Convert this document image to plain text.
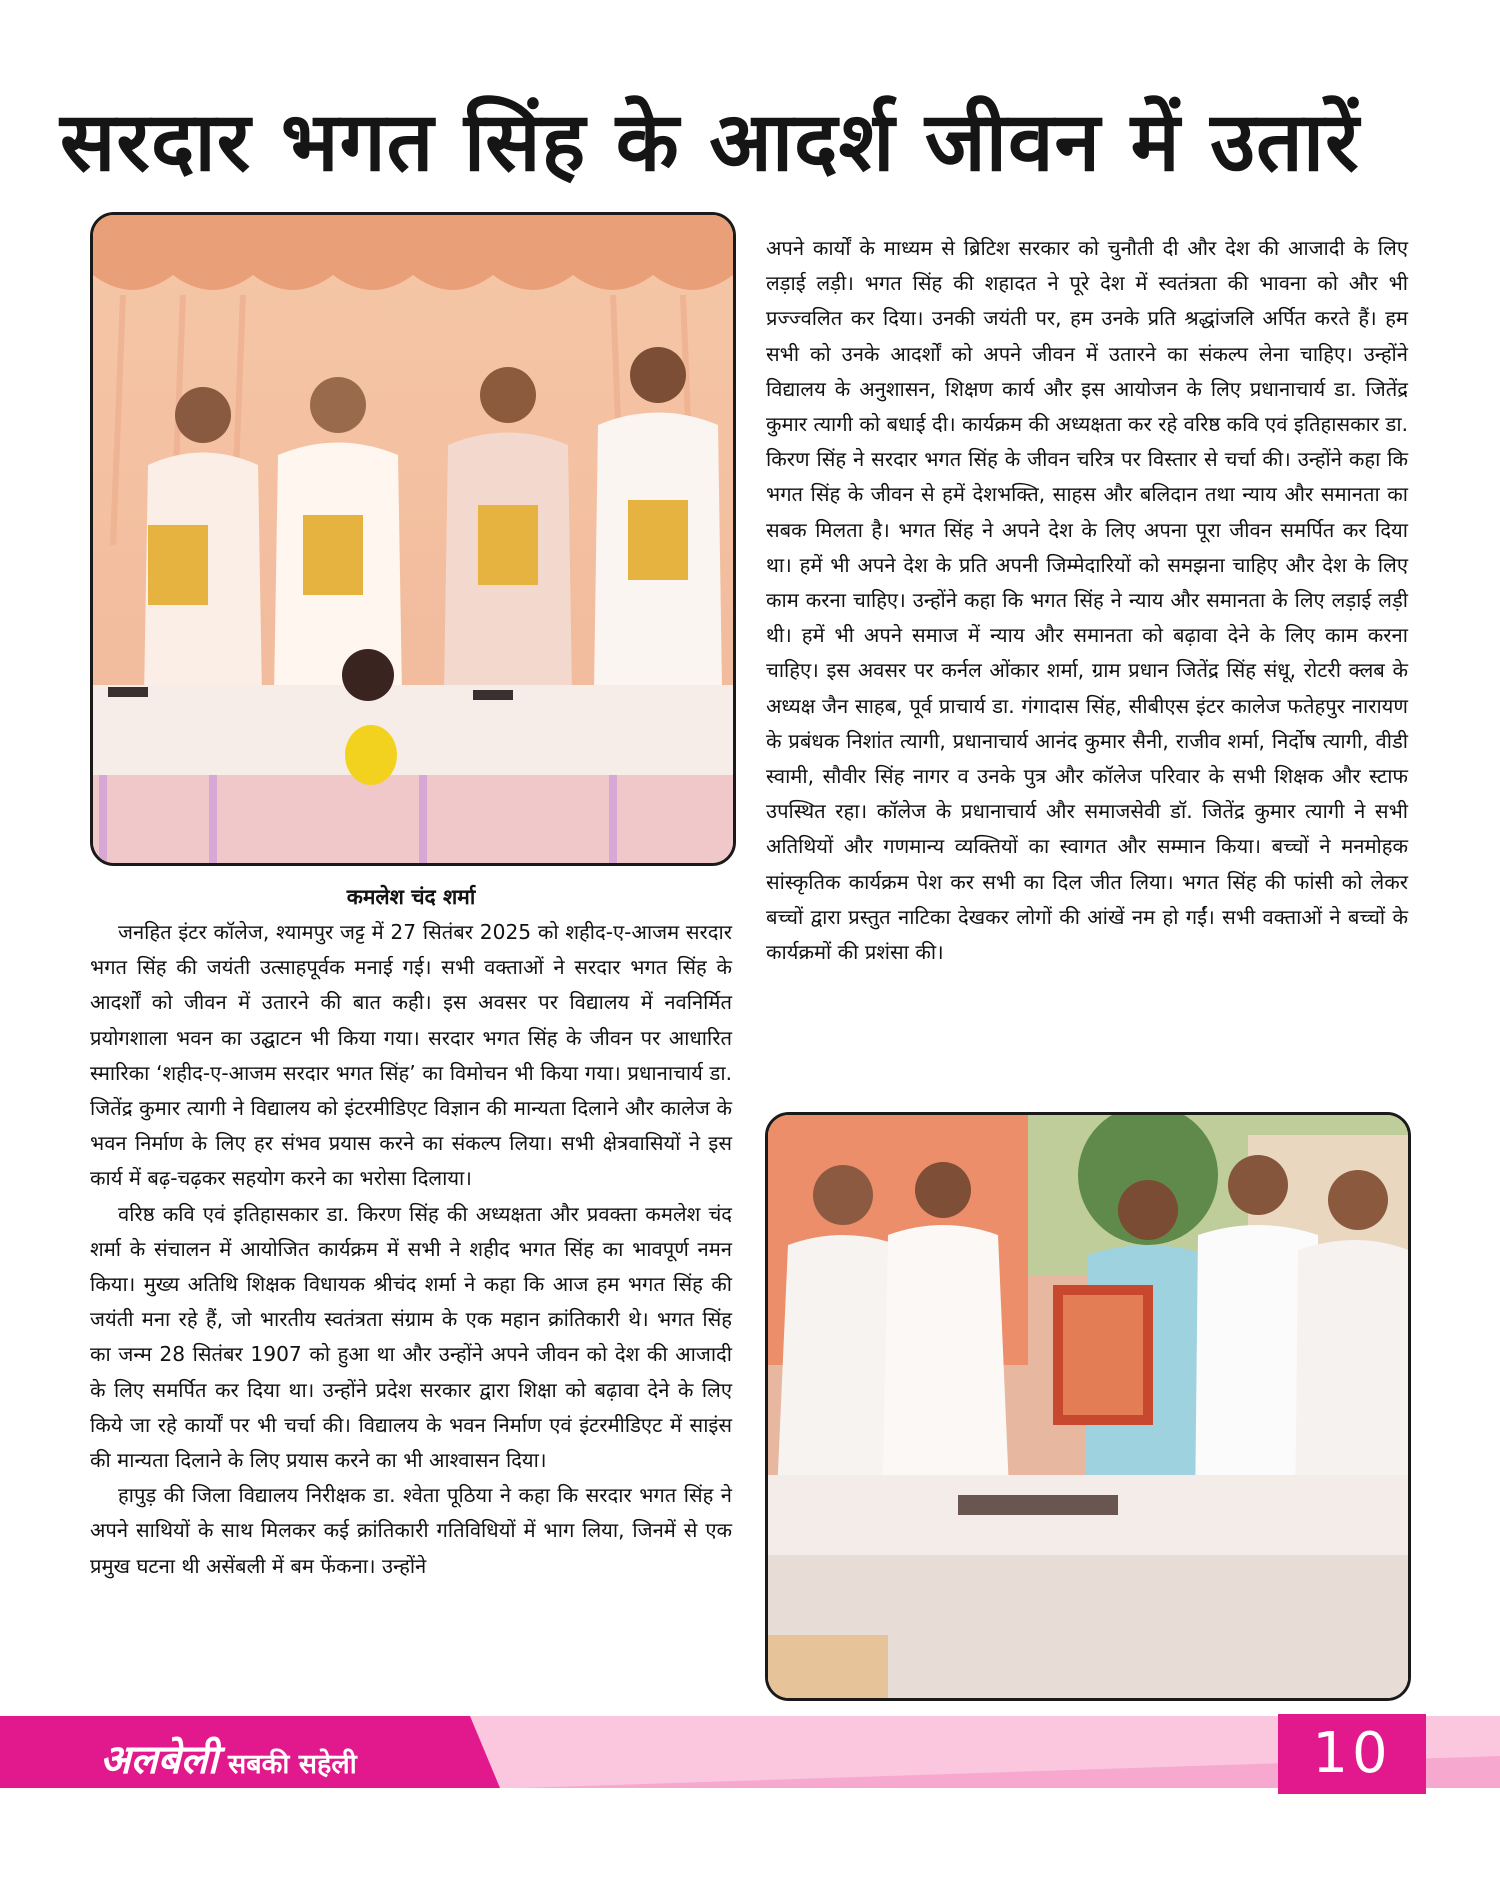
सरदार भगत सिंह के आदर्श जीवन में उतारें
कमलेश चंद शर्मा

जनहित इंटर कॉलेज, श्यामपुर जट्ट में 27 सितंबर 2025 को शहीद-ए-आजम सरदार भगत सिंह की जयंती उत्साहपूर्वक मनाई गई। सभी वक्ताओं ने सरदार भगत सिंह के आदर्शों को जीवन में उतारने की बात कही। इस अवसर पर विद्यालय में नवनिर्मित प्रयोगशाला भवन का उद्घाटन भी किया गया। सरदार भगत सिंह के जीवन पर आधारित स्मारिका ‘शहीद-ए-आजम सरदार भगत सिंह’ का विमोचन भी किया गया। प्रधानाचार्य डा. जितेंद्र कुमार त्यागी ने विद्यालय को इंटरमीडिएट विज्ञान की मान्यता दिलाने और कालेज के भवन निर्माण के लिए हर संभव प्रयास करने का संकल्प लिया। सभी क्षेत्रवासियों ने इस कार्य में बढ़-चढ़कर सहयोग करने का भरोसा दिलाया।

वरिष्ठ कवि एवं इतिहासकार डा. किरण सिंह की अध्यक्षता और प्रवक्ता कमलेश चंद शर्मा के संचालन में आयोजित कार्यक्रम में सभी ने शहीद भगत सिंह का भावपूर्ण नमन किया। मुख्य अतिथि शिक्षक विधायक श्रीचंद शर्मा ने कहा कि आज हम भगत सिंह की जयंती मना रहे हैं, जो भारतीय स्वतंत्रता संग्राम के एक महान क्रांतिकारी थे। भगत सिंह का जन्म 28 सितंबर 1907 को हुआ था और उन्होंने अपने जीवन को देश की आजादी के लिए समर्पित कर दिया था। उन्होंने प्रदेश सरकार द्वारा शिक्षा को बढ़ावा देने के लिए किये जा रहे कार्यों पर भी चर्चा की। विद्यालय के भवन निर्माण एवं इंटरमीडिएट में साइंस की मान्यता दिलाने के लिए प्रयास करने का भी आश्वासन दिया।

हापुड़ की जिला विद्यालय निरीक्षक डा. श्वेता पूठिया ने कहा कि सरदार भगत सिंह ने अपने साथियों के साथ मिलकर कई क्रांतिकारी गतिविधियों में भाग लिया, जिनमें से एक प्रमुख घटना थी असेंबली में बम फेंकना। उन्होंने

अपने कार्यों के माध्यम से ब्रिटिश सरकार को चुनौती दी और देश की आजादी के लिए लड़ाई लड़ी। भगत सिंह की शहादत ने पूरे देश में स्वतंत्रता की भावना को और भी प्रज्ज्वलित कर दिया। उनकी जयंती पर, हम उनके प्रति श्रद्धांजलि अर्पित करते हैं। हम सभी को उनके आदर्शों को अपने जीवन में उतारने का संकल्प लेना चाहिए। उन्होंने विद्यालय के अनुशासन, शिक्षण कार्य और इस आयोजन के लिए प्रधानाचार्य डा. जितेंद्र कुमार त्यागी को बधाई दी। कार्यक्रम की अध्यक्षता कर रहे वरिष्ठ कवि एवं इतिहासकार डा. किरण सिंह ने सरदार भगत सिंह के जीवन चरित्र पर विस्तार से चर्चा की। उन्होंने कहा कि भगत सिंह के जीवन से हमें देशभक्ति, साहस और बलिदान तथा न्याय और समानता का सबक मिलता है। भगत सिंह ने अपने देश के लिए अपना पूरा जीवन समर्पित कर दिया था। हमें भी अपने देश के प्रति अपनी जिम्मेदारियों को समझना चाहिए और देश के लिए काम करना चाहिए। उन्होंने कहा कि भगत सिंह ने न्याय और समानता के लिए लड़ाई लड़ी थी। हमें भी अपने समाज में न्याय और समानता को बढ़ावा देने के लिए काम करना चाहिए। इस अवसर पर कर्नल ओंकार शर्मा, ग्राम प्रधान जितेंद्र सिंह संधू, रोटरी क्लब के अध्यक्ष जैन साहब, पूर्व प्राचार्य डा. गंगादास सिंह, सीबीएस इंटर कालेज फतेहपुर नारायण के प्रबंधक निशांत त्यागी, प्रधानाचार्य आनंद कुमार सैनी, राजीव शर्मा, निर्दोष त्यागी, वीडी स्वामी, सौवीर सिंह नागर व उनके पुत्र और कॉलेज परिवार के सभी शिक्षक और स्टाफ उपस्थित रहा। कॉलेज के प्रधानाचार्य और समाजसेवी डॉ. जितेंद्र कुमार त्यागी ने सभी अतिथियों और गणमान्य व्यक्तियों का स्वागत और सम्मान किया। बच्चों ने मनमोहक सांस्कृतिक कार्यक्रम पेश कर सभी का दिल जीत लिया। भगत सिंह की फांसी को लेकर बच्चों द्वारा प्रस्तुत नाटिका देखकर लोगों की आंखें नम हो गईं। सभी वक्ताओं ने बच्चों के कार्यक्रमों की प्रशंसा की।

अलबेली सबकी सहेली	10
